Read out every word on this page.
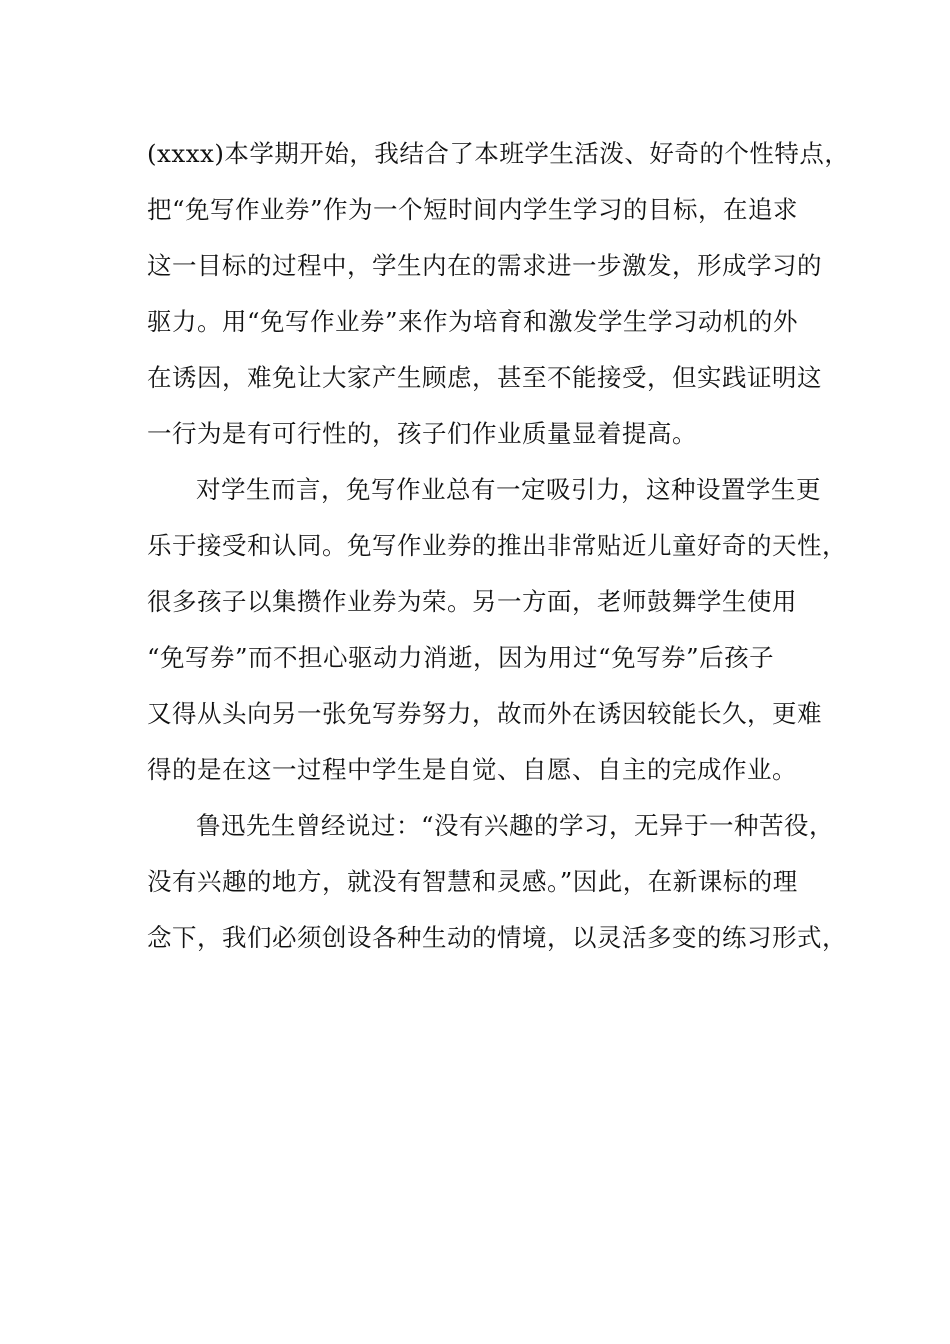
(xxxx)本学期开始，我结合了本班学生活泼、好奇的个性特点，
把“免写作业券”作为一个短时间内学生学习的目标，在追求
这一目标的过程中，学生内在的需求进一步激发，形成学习的
驱力。用“免写作业券”来作为培育和激发学生学习动机的外
在诱因，难免让大家产生顾虑，甚至不能接受，但实践证明这
一行为是有可行性的，孩子们作业质量显着提高。
对学生而言，免写作业总有一定吸引力，这种设置学生更
乐于接受和认同。免写作业券的推出非常贴近儿童好奇的天性，
很多孩子以集攒作业券为荣。另一方面，老师鼓舞学生使用
“免写券”而不担心驱动力消逝，因为用过“免写券”后孩子
又得从头向另一张免写券努力，故而外在诱因较能长久，更难
得的是在这一过程中学生是自觉、自愿、自主的完成作业。
鲁迅先生曾经说过：“没有兴趣的学习，无异于一种苦役，
没有兴趣的地方，就没有智慧和灵感。”因此，在新课标的理
念下，我们必须创设各种生动的情境，以灵活多变的练习形式，
